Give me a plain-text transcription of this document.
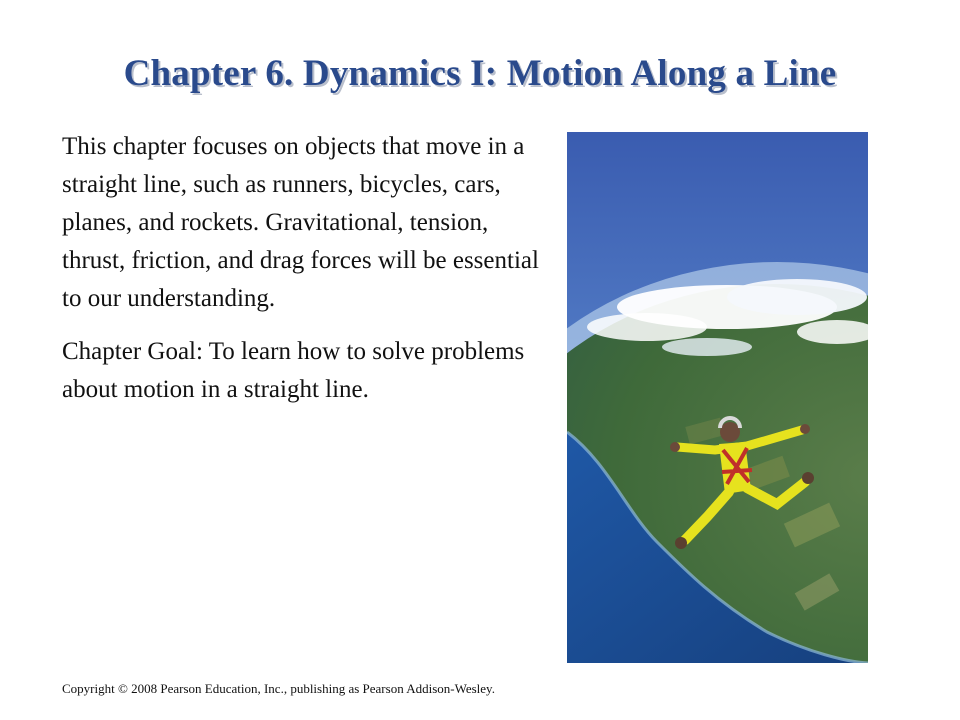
Chapter 6. Dynamics I: Motion Along a Line

This chapter focuses on objects that move in a straight line, such as runners, bicycles, cars, planes, and rockets. Gravitational, tension, thrust, friction, and drag forces will be essential to our understanding.

Chapter Goal: To learn how to solve problems about motion in a straight line.

Copyright © 2008 Pearson Education, Inc., publishing as Pearson Addison-Wesley.
